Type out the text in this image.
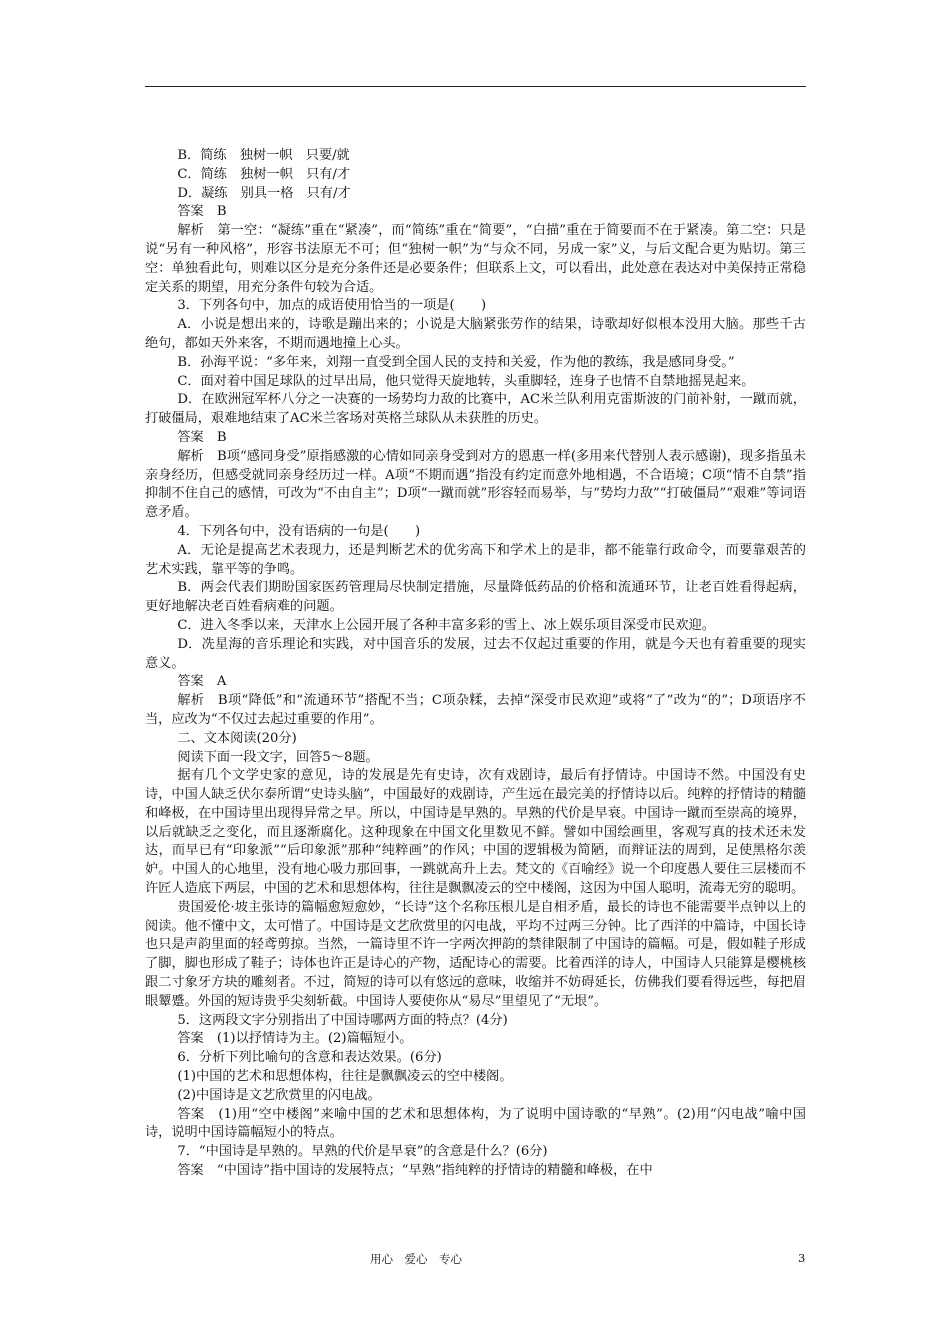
B．简练　独树一帜　只要/就

C．简练　独树一帜　只有/才

D．凝练　别具一格　只有/才

答案　B

解析　第一空：“凝练”重在“紧凑”，而“简练”重在“简要”，“白描”重在于简要而不在于紧凑。第二空：只是说“另有一种风格”，形容书法原无不可；但“独树一帜”为“与众不同，另成一家”义，与后文配合更为贴切。第三空：单独看此句，则难以区分是充分条件还是必要条件；但联系上文，可以看出，此处意在表达对中美保持正常稳定关系的期望，用充分条件句较为合适。

3．下列各句中，加点的成语使用恰当的一项是(　　)

A．小说是想出来的，诗歌是蹦出来的；小说是大脑紧张劳作的结果，诗歌却好似根本没用大脑。那些千古绝句，都如天外来客，不期而遇地撞上心头。

B．孙海平说：“多年来，刘翔一直受到全国人民的支持和关爱，作为他的教练，我是感同身受。”

C．面对着中国足球队的过早出局，他只觉得天旋地转，头重脚轻，连身子也情不自禁地摇晃起来。

D．在欧洲冠军杯八分之一决赛的一场势均力敌的比赛中，AC米兰队利用克雷斯波的门前补射，一蹴而就，打破僵局，艰难地结束了AC米兰客场对英格兰球队从未获胜的历史。

答案　B

解析　B项“感同身受”原指感激的心情如同亲身受到对方的恩惠一样(多用来代替别人表示感谢)，现多指虽未亲身经历，但感受就同亲身经历过一样。A项“不期而遇”指没有约定而意外地相遇，不合语境；C项“情不自禁”指抑制不住自己的感情，可改为“不由自主”；D项“一蹴而就”形容轻而易举，与“势均力敌”“打破僵局”“艰难”等词语意矛盾。

4．下列各句中，没有语病的一句是(　　)

A．无论是提高艺术表现力，还是判断艺术的优劣高下和学术上的是非，都不能靠行政命令，而要靠艰苦的艺术实践，靠平等的争鸣。

B．两会代表们期盼国家医药管理局尽快制定措施，尽量降低药品的价格和流通环节，让老百姓看得起病，更好地解决老百姓看病难的问题。

C．进入冬季以来，天津水上公园开展了各种丰富多彩的雪上、冰上娱乐项目深受市民欢迎。

D．冼星海的音乐理论和实践，对中国音乐的发展，过去不仅起过重要的作用，就是今天也有着重要的现实意义。

答案　A

解析　B项“降低”和“流通环节”搭配不当；C项杂糅，去掉“深受市民欢迎”或将“了”改为“的”；D项语序不当，应改为“不仅过去起过重要的作用”。

二、文本阅读(20分)

阅读下面一段文字，回答5～8题。

据有几个文学史家的意见，诗的发展是先有史诗，次有戏剧诗，最后有抒情诗。中国诗不然。中国没有史诗，中国人缺乏伏尔泰所谓“史诗头脑”，中国最好的戏剧诗，产生远在最完美的抒情诗以后。纯粹的抒情诗的精髓和峰极，在中国诗里出现得异常之早。所以，中国诗是早熟的。早熟的代价是早衰。中国诗一蹴而至崇高的境界，以后就缺乏之变化，而且逐渐腐化。这种现象在中国文化里数见不鲜。譬如中国绘画里，客观写真的技术还未发达，而早已有“印象派”“后印象派”那种“纯粹画”的作风；中国的逻辑极为简陋，而辩证法的周到，足使黑格尔羡妒。中国人的心地里，没有地心吸力那回事，一跳就高升上去。梵文的《百喻经》说一个印度愚人要住三层楼而不许匠人造底下两层，中国的艺术和思想体构，往往是飘飘凌云的空中楼阁，这因为中国人聪明，流毒无穷的聪明。

贵国爱伦·坡主张诗的篇幅愈短愈妙，“长诗”这个名称压根儿是自相矛盾，最长的诗也不能需要半点钟以上的阅读。他不懂中文，太可惜了。中国诗是文艺欣赏里的闪电战，平均不过两三分钟。比了西洋的中篇诗，中国长诗也只是声韵里面的轻鸢剪掠。当然，一篇诗里不许一字两次押韵的禁律限制了中国诗的篇幅。可是，假如鞋子形成了脚，脚也形成了鞋子；诗体也许正是诗心的产物，适配诗心的需要。比着西洋的诗人，中国诗人只能算是樱桃核跟二寸象牙方块的雕刻者。不过，简短的诗可以有悠远的意味，收缩并不妨碍延长，仿佛我们要看得远些，每把眉眼颦蹙。外国的短诗贵乎尖刻斩截。中国诗人要使你从“易尽”里望见了“无垠”。

5．这两段文字分别指出了中国诗哪两方面的特点？(4分)

答案　(1)以抒情诗为主。(2)篇幅短小。

6．分析下列比喻句的含意和表达效果。(6分)

(1)中国的艺术和思想体构，往往是飘飘凌云的空中楼阁。

(2)中国诗是文艺欣赏里的闪电战。

答案　(1)用“空中楼阁”来喻中国的艺术和思想体构，为了说明中国诗歌的“早熟”。(2)用“闪电战”喻中国诗，说明中国诗篇幅短小的特点。

7．“中国诗是早熟的。早熟的代价是早衰”的含意是什么？(6分)

答案　“中国诗”指中国诗的发展特点；“早熟”指纯粹的抒情诗的精髓和峰极，在中

用心　爱心　专心	3
